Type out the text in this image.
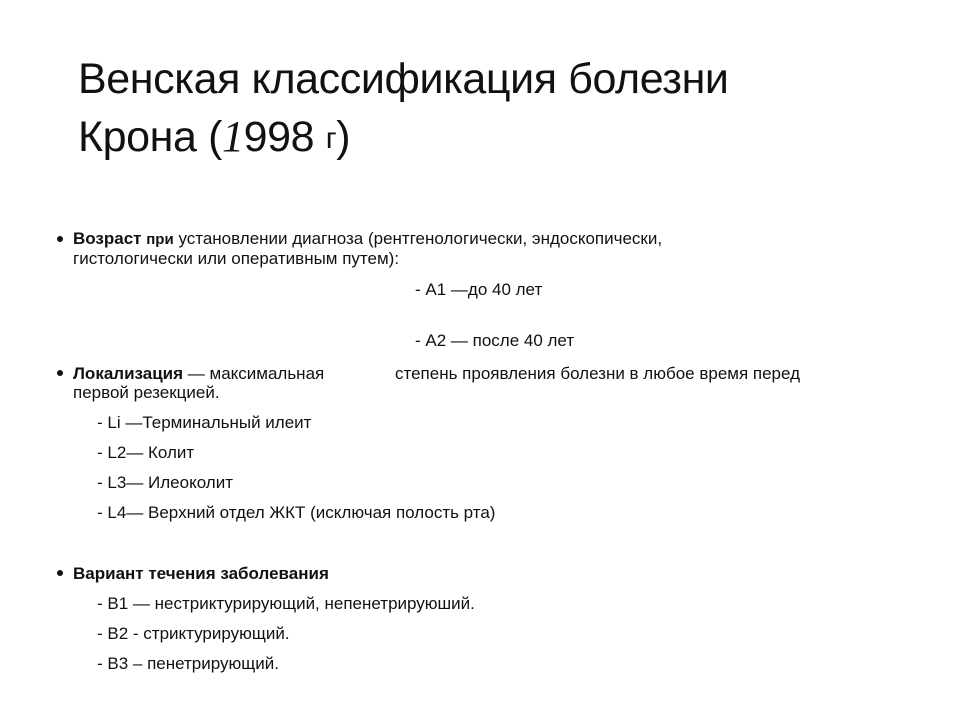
Венская классификация болезни
Крона (1998 г)
Возраст при установлении диагноза (рентгенологически, эндоскопически,
гистологически или оперативным путем):
- А1 —до 40 лет
- А2 — после 40 лет
Локализация — максимальная	степень проявления болезни в любое время перед
первой резекцией.
- Li —Терминальный илеит
- L2— Колит
- L3— Илеоколит
- L4— Верхний отдел ЖКТ (исключая полость рта)
Вариант течения заболевания
- В1 — нестриктурирующий, непенетрируюший.
- В2 - стриктурирующий.
- В3 – пенетрирующий.
